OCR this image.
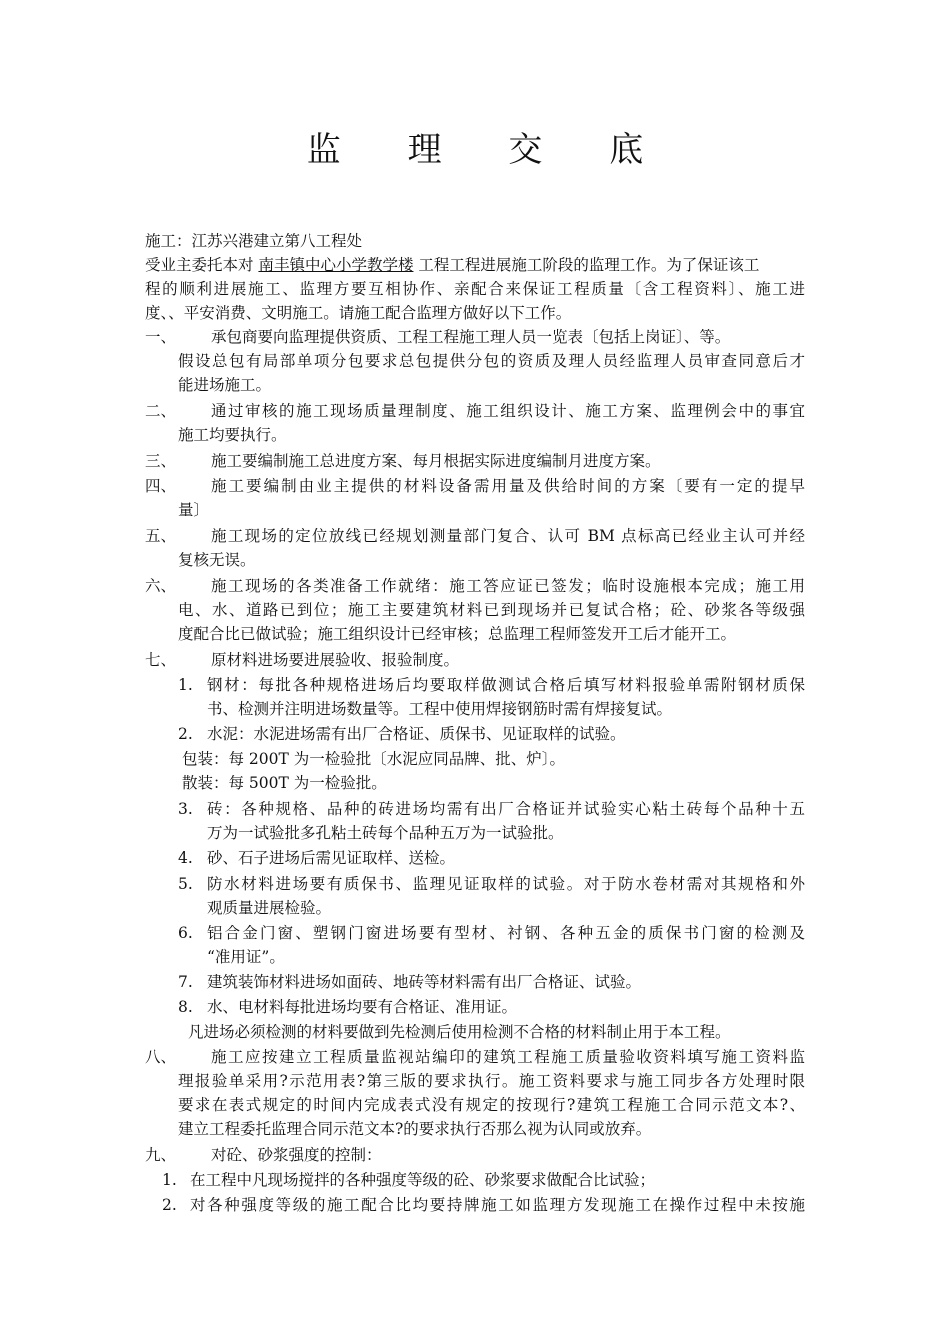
监 理 交 底
施工：江苏兴港建立第八工程处
受业主委托本对 南丰镇中心小学教学楼 工程工程进展施工阶段的监理工作。为了保证该工
程的顺利进展施工、监理方要互相协作、亲配合来保证工程质量〔含工程资料〕、施工进
度、、平安消费、文明施工。请施工配合监理方做好以下工作。
一、 承包商要向监理提供资质、工程工程施工理人员一览表〔包括上岗证〕、等。
假设总包有局部单项分包要求总包提供分包的资质及理人员经监理人员审查同意后才
能进场施工。
二、 通过审核的施工现场质量理制度、施工组织设计、施工方案、监理例会中的事宜
施工均要执行。
三、 施工要编制施工总进度方案、每月根据实际进度编制月进度方案。
四、 施工要编制由业主提供的材料设备需用量及供给时间的方案〔要有一定的提早
量〕
五、 施工现场的定位放线已经规划测量部门复合、认可 BM 点标高已经业主认可并经
复核无误。
六、 施工现场的各类准备工作就绪：施工答应证已签发；临时设施根本完成；施工用
电、水、道路已到位；施工主要建筑材料已到现场并已复试合格；砼、砂浆各等级强
度配合比已做试验；施工组织设计已经审核；总监理工程师签发开工后才能开工。
七、 原材料进场要进展验收、报验制度。
1. 钢材：每批各种规格进场后均要取样做测试合格后填写材料报验单需附钢材质保
书、检测并注明进场数量等。工程中使用焊接钢筋时需有焊接复试。
2. 水泥：水泥进场需有出厂合格证、质保书、见证取样的试验。
包装：每 200T 为一检验批〔水泥应同品牌、批、炉〕。
散装：每 500T 为一检验批。
3. 砖：各种规格、品种的砖进场均需有出厂合格证并试验实心粘土砖每个品种十五
万为一试验批多孔粘土砖每个品种五万为一试验批。
4. 砂、石子进场后需见证取样、送检。
5. 防水材料进场要有质保书、监理见证取样的试验。对于防水卷材需对其规格和外
观质量进展检验。
6. 铝合金门窗、塑钢门窗进场要有型材、衬钢、各种五金的质保书门窗的检测及
“准用证”。
7. 建筑装饰材料进场如面砖、地砖等材料需有出厂合格证、试验。
8. 水、电材料每批进场均要有合格证、准用证。
凡进场必须检测的材料要做到先检测后使用检测不合格的材料制止用于本工程。
八、 施工应按建立工程质量监视站编印的建筑工程施工质量验收资料填写施工资料监
理报验单采用?示范用表?第三版的要求执行。施工资料要求与施工同步各方处理时限
要求在表式规定的时间内完成表式没有规定的按现行?建筑工程施工合同示范文本?、
建立工程委托监理合同示范文本?的要求执行否那么视为认同或放弃。
九、 对砼、砂浆强度的控制：
1. 在工程中凡现场搅拌的各种强度等级的砼、砂浆要求做配合比试验；
2. 对各种强度等级的施工配合比均要持牌施工如监理方发现施工在操作过程中未按施
